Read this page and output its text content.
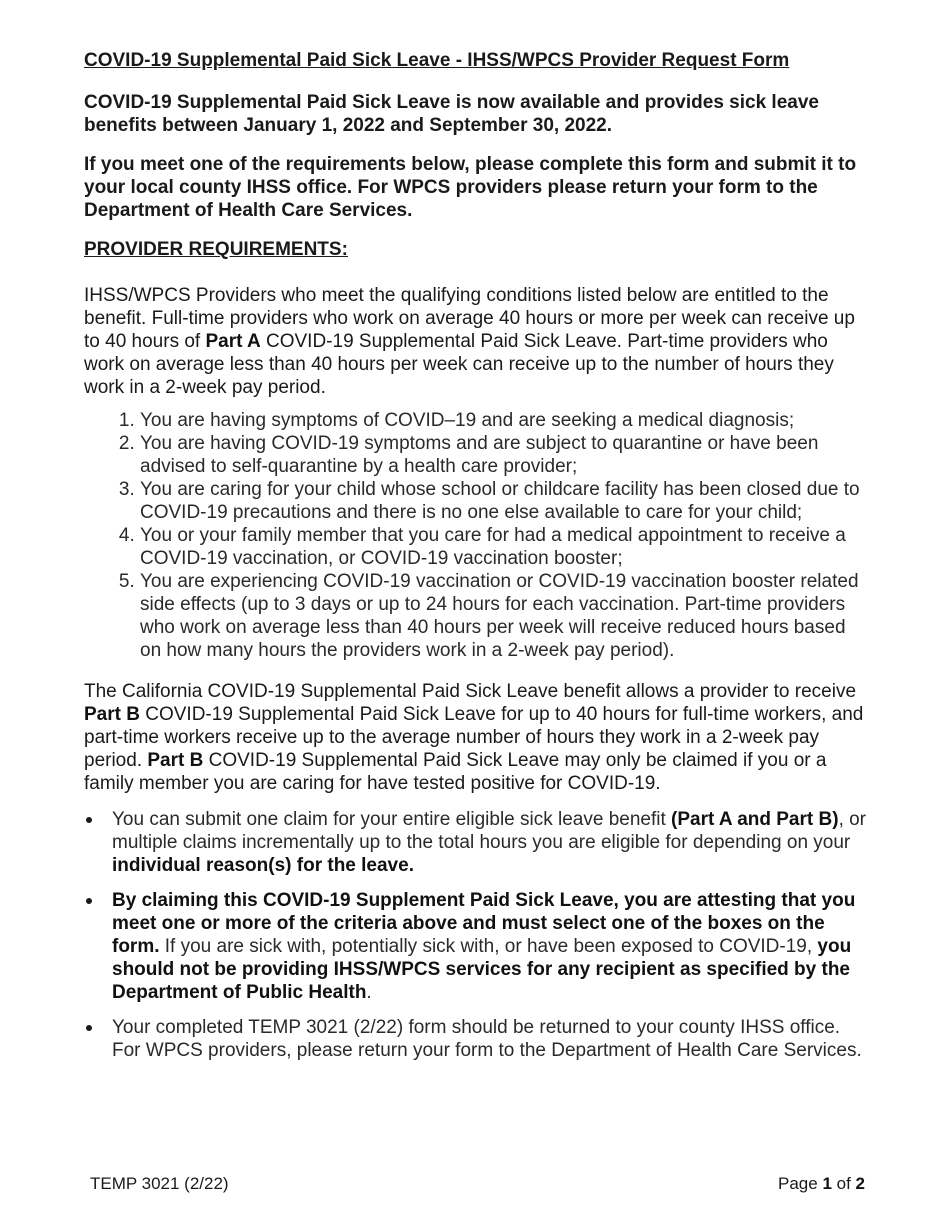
COVID-19 Supplemental Paid Sick Leave - IHSS/WPCS Provider Request Form

COVID-19 Supplemental Paid Sick Leave is now available and provides sick leave benefits between January 1, 2022 and September 30, 2022.

If you meet one of the requirements below, please complete this form and submit it to your local county IHSS office. For WPCS providers please return your form to the Department of Health Care Services.

PROVIDER REQUIREMENTS:

IHSS/WPCS Providers who meet the qualifying conditions listed below are entitled to the benefit. Full-time providers who work on average 40 hours or more per week can receive up to 40 hours of Part A COVID-19 Supplemental Paid Sick Leave. Part-time providers who work on average less than 40 hours per week can receive up to the number of hours they work in a 2-week pay period.

1. You are having symptoms of COVID–19 and are seeking a medical diagnosis;
2. You are having COVID-19 symptoms and are subject to quarantine or have been advised to self-quarantine by a health care provider;
3. You are caring for your child whose school or childcare facility has been closed due to COVID-19 precautions and there is no one else available to care for your child;
4. You or your family member that you care for had a medical appointment to receive a COVID-19 vaccination, or COVID-19 vaccination booster;
5. You are experiencing COVID-19 vaccination or COVID-19 vaccination booster related side effects (up to 3 days or up to 24 hours for each vaccination. Part-time providers who work on average less than 40 hours per week will receive reduced hours based on how many hours the providers work in a 2-week pay period).

The California COVID-19 Supplemental Paid Sick Leave benefit allows a provider to receive Part B COVID-19 Supplemental Paid Sick Leave for up to 40 hours for full-time workers, and part-time workers receive up to the average number of hours they work in a 2-week pay period. Part B COVID-19 Supplemental Paid Sick Leave may only be claimed if you or a family member you are caring for have tested positive for COVID-19.

You can submit one claim for your entire eligible sick leave benefit (Part A and Part B), or multiple claims incrementally up to the total hours you are eligible for depending on your individual reason(s) for the leave.
By claiming this COVID-19 Supplement Paid Sick Leave, you are attesting that you meet one or more of the criteria above and must select one of the boxes on the form. If you are sick with, potentially sick with, or have been exposed to COVID-19, you should not be providing IHSS/WPCS services for any recipient as specified by the Department of Public Health.
Your completed TEMP 3021 (2/22) form should be returned to your county IHSS office. For WPCS providers, please return your form to the Department of Health Care Services.
TEMP 3021 (2/22)	Page 1 of 2
